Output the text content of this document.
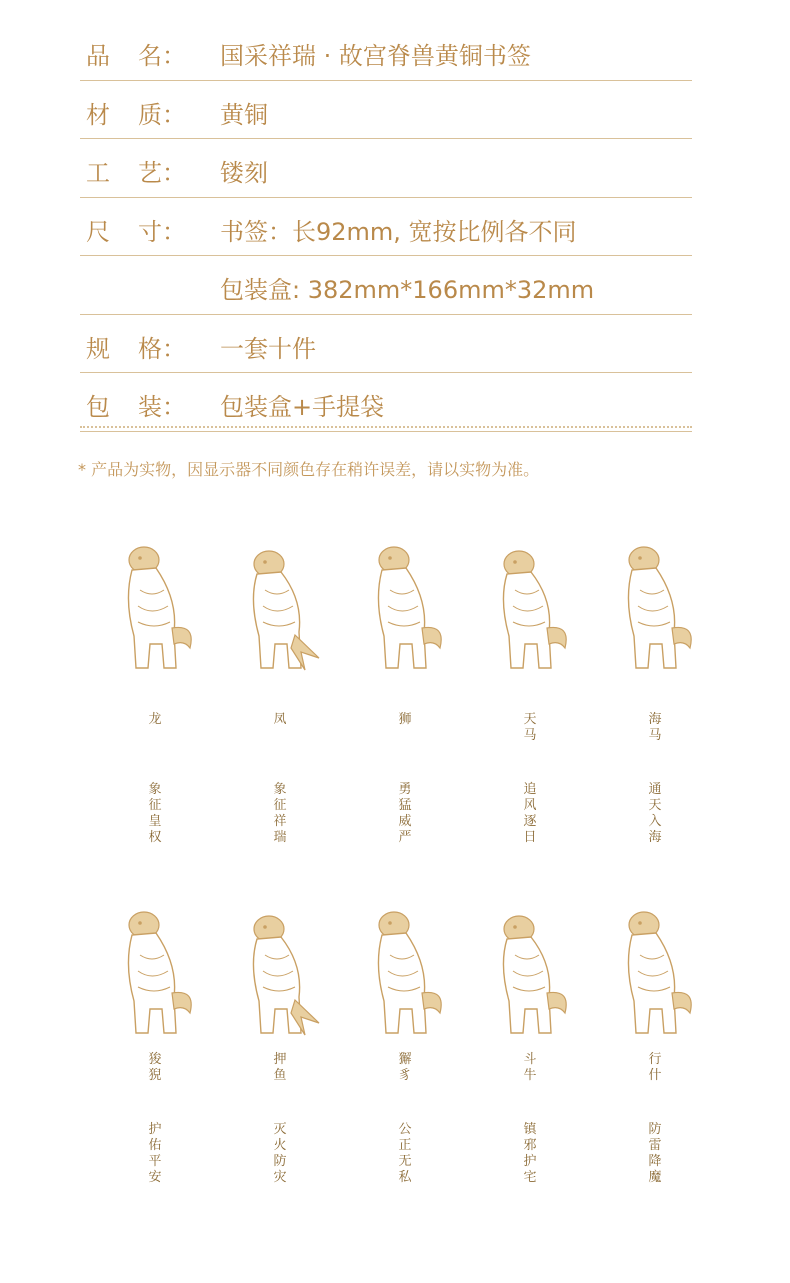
品 名：	国采祥瑞 · 故宫脊兽黄铜书签
材 质：	黄铜
工 艺：	镂刻
尺 寸：	书签：长92mm, 宽按比例各不同
包装盒: 382mm*166mm*32mm
规 格：	一套十件
包 装：	包装盒+手提袋
* 产品为实物，因显示器不同颜色存在稍许误差，请以实物为准。
龙
象征皇权
凤
象征祥瑞
狮
勇猛威严
天马
追风逐日
海马
通天入海
狻猊
护佑平安
押鱼
灭火防灾
獬豸
公正无私
斗牛
镇邪护宅
行什
防雷降魔
